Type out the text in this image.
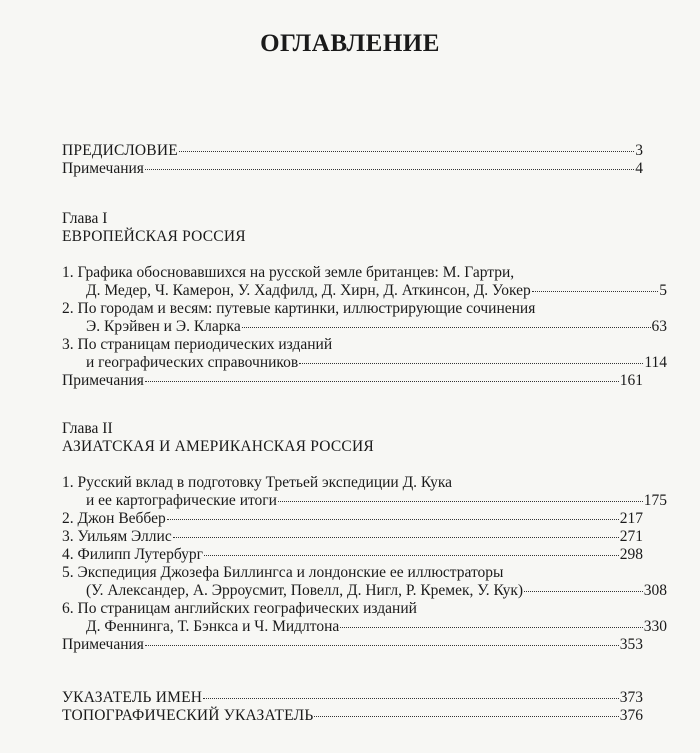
ОГЛАВЛЕНИЕ
ПРЕДИСЛОВИЕ	3
Примечания	4
Глава I
ЕВРОПЕЙСКАЯ РОССИЯ
1. Графика обосновавшихся на русской земле британцев: М. Гартри,
Д. Медер, Ч. Камерон, У. Хадфилд, Д. Хирн, Д. Аткинсон, Д. Уокер	5
2. По городам и весям: путевые картинки, иллюстрирующие сочинения
Э. Крэйвен и Э. Кларка	63
3. По страницам периодических изданий
и географических справочников	114
Примечания	161
Глава II
АЗИАТСКАЯ И АМЕРИКАНСКАЯ РОССИЯ
1. Русский вклад в подготовку Третьей экспедиции Д. Кука
и ее картографические итоги	175
2. Джон Веббер	217
3. Уильям Эллис	271
4. Филипп Лутербург	298
5. Экспедиция Джозефа Биллингса и лондонские ее иллюстраторы
(У. Александер, А. Эрроусмит, Повелл, Д. Нигл, Р. Кремек, У. Кук)	308
6. По страницам английских географических изданий
Д. Феннинга, Т. Бэнкса и Ч. Мидлтона	330
Примечания	353
УКАЗАТЕЛЬ ИМЕН	373
ТОПОГРАФИЧЕСКИЙ УКАЗАТЕЛЬ	376
